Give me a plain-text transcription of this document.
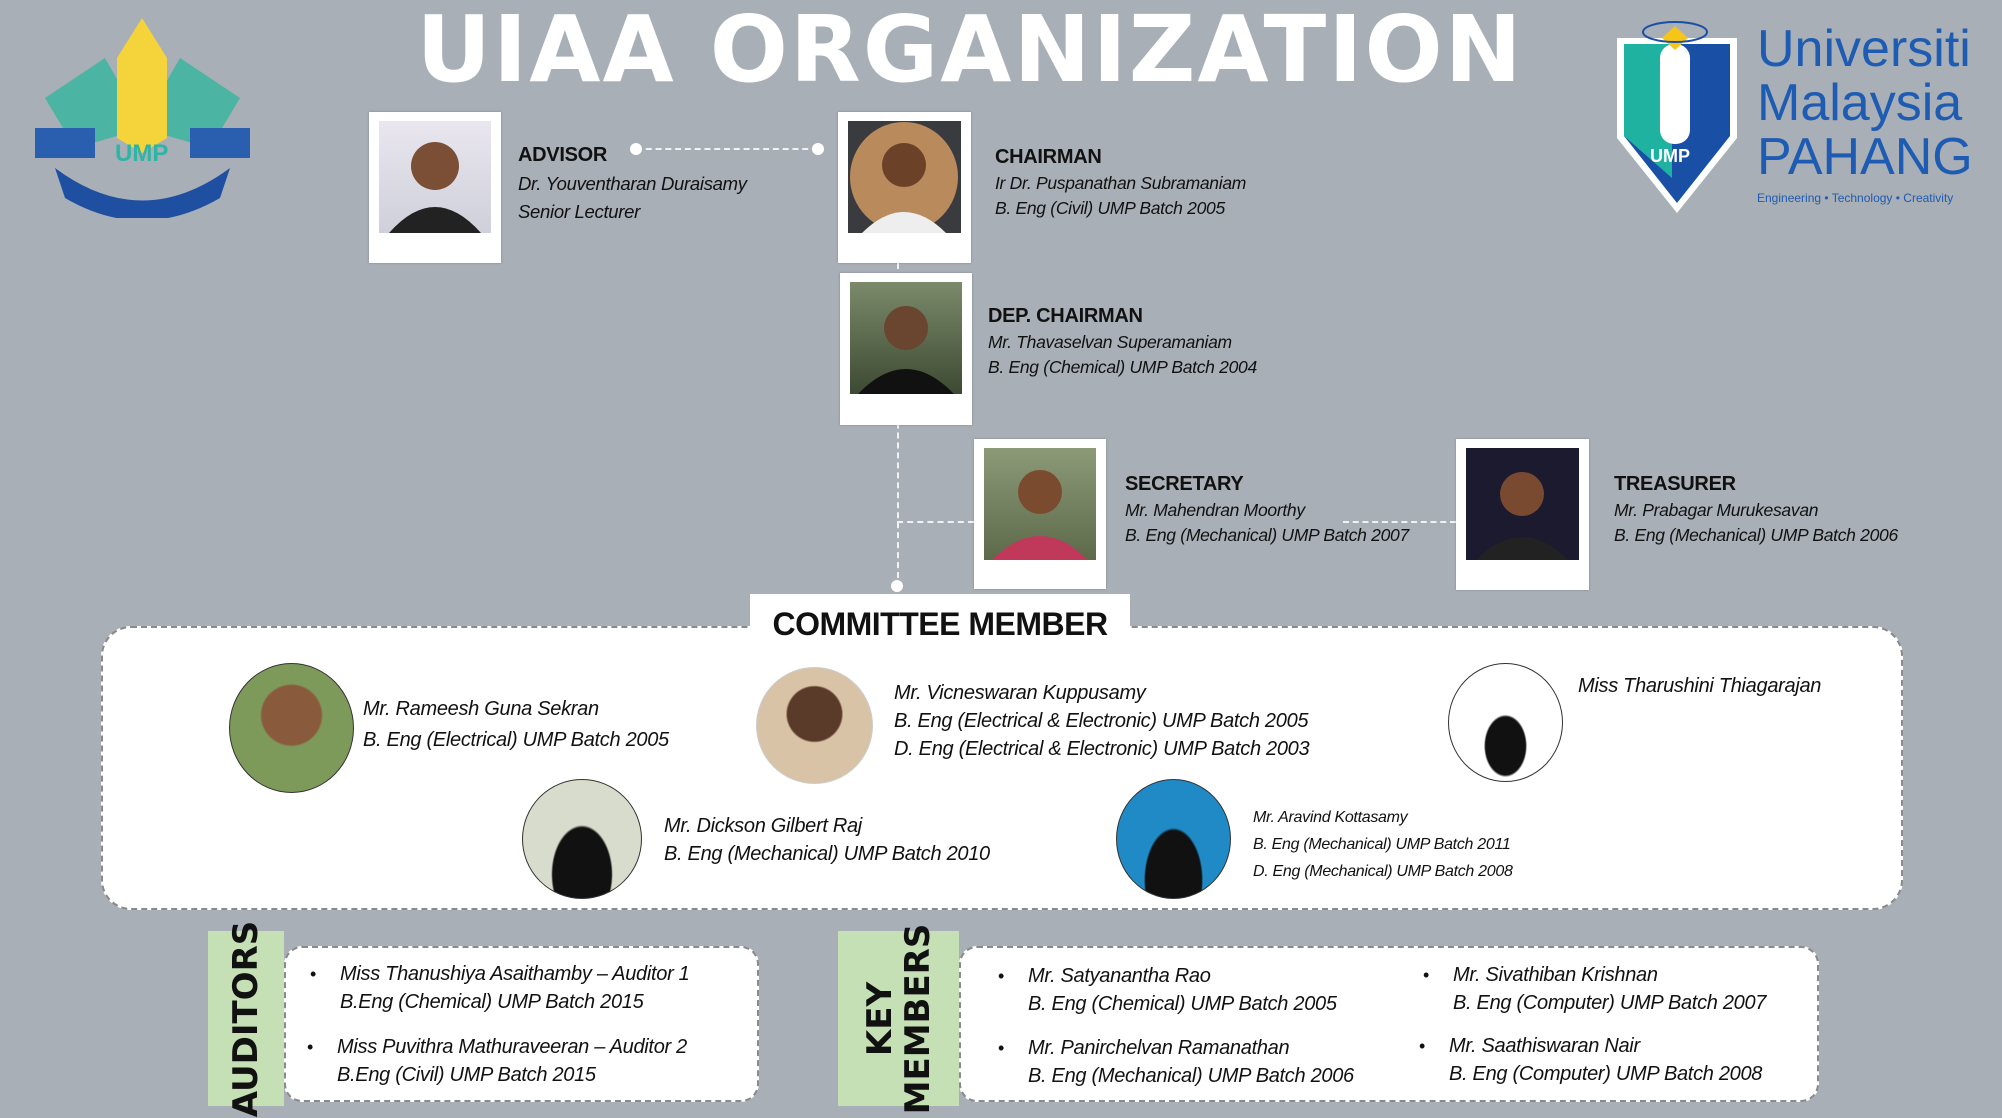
UIAA ORGANIZATION
UMP	UMP
Universiti
Malaysia
PAHANG
Engineering • Technology • Creativity
ADVISOR
Dr. Youventharan Duraisamy
Senior Lecturer
CHAIRMAN
Ir Dr. Puspanathan Subramaniam
B. Eng (Civil) UMP Batch 2005
DEP. CHAIRMAN
Mr. Thavaselvan Superamaniam
B. Eng (Chemical) UMP Batch 2004
SECRETARY
Mr. Mahendran Moorthy
B. Eng (Mechanical) UMP Batch 2007
TREASURER
Mr. Prabagar Murukesavan
B. Eng (Mechanical) UMP Batch 2006
COMMITTEE MEMBER
Mr. Rameesh Guna Sekran
B. Eng (Electrical) UMP Batch 2005
Mr. Vicneswaran Kuppusamy
B. Eng (Electrical & Electronic) UMP Batch 2005
D. Eng (Electrical & Electronic) UMP Batch 2003
Miss Tharushini Thiagarajan
Mr. Dickson Gilbert Raj
B. Eng (Mechanical) UMP Batch 2010
Mr. Aravind Kottasamy
B. Eng (Mechanical) UMP Batch 2011
D. Eng (Mechanical) UMP Batch 2008
AUDITORS • Miss Thanushiya Asaithamby – Auditor 1
B.Eng (Chemical) UMP Batch 2015
• Miss Puvithra Mathuraveeran – Auditor 2
B.Eng (Civil) UMP Batch 2015
KEY
MEMBERS	• Mr. Satyanantha Rao
B. Eng (Chemical) UMP Batch 2005
• Mr. Panirchelvan Ramanathan
B. Eng (Mechanical) UMP Batch 2006
• Mr. Sivathiban Krishnan
B. Eng (Computer) UMP Batch 2007
• Mr. Saathiswaran Nair
B. Eng (Computer) UMP Batch 2008
